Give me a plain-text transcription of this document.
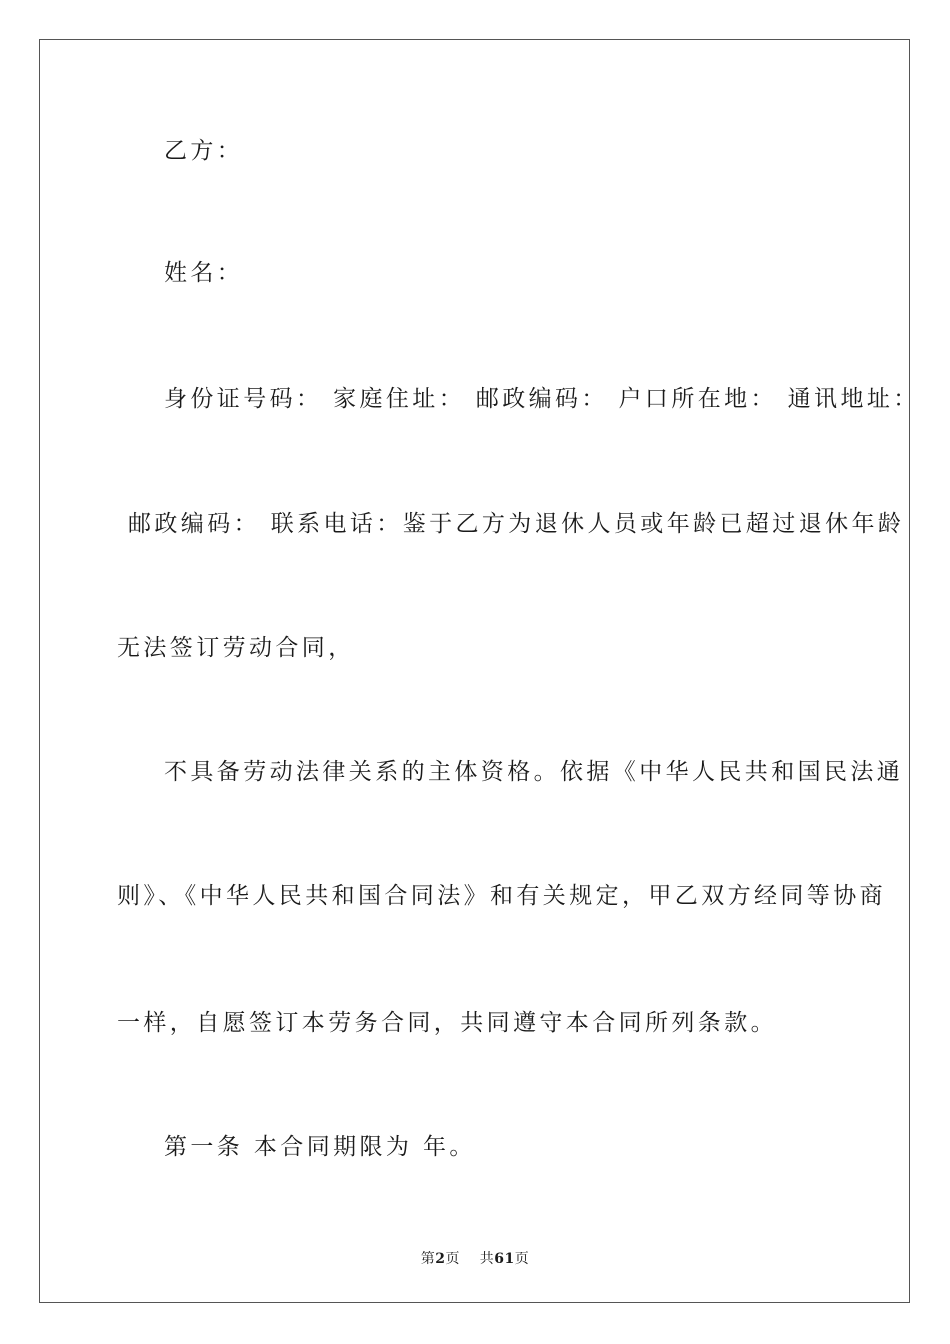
乙方：
姓名：
身份证号码： 家庭住址： 邮政编码： 户口所在地： 通讯地址：
邮政编码： 联系电话：鉴于乙方为退休人员或年龄已超过退休年龄
无法签订劳动合同，
不具备劳动法律关系的主体资格。依据《中华人民共和国民法通
则》、《中华人民共和国合同法》和有关规定，甲乙双方经同等协商
一样，自愿签订本劳务合同，共同遵守本合同所列条款。
第一条 本合同期限为 年。
第2页 共61页
